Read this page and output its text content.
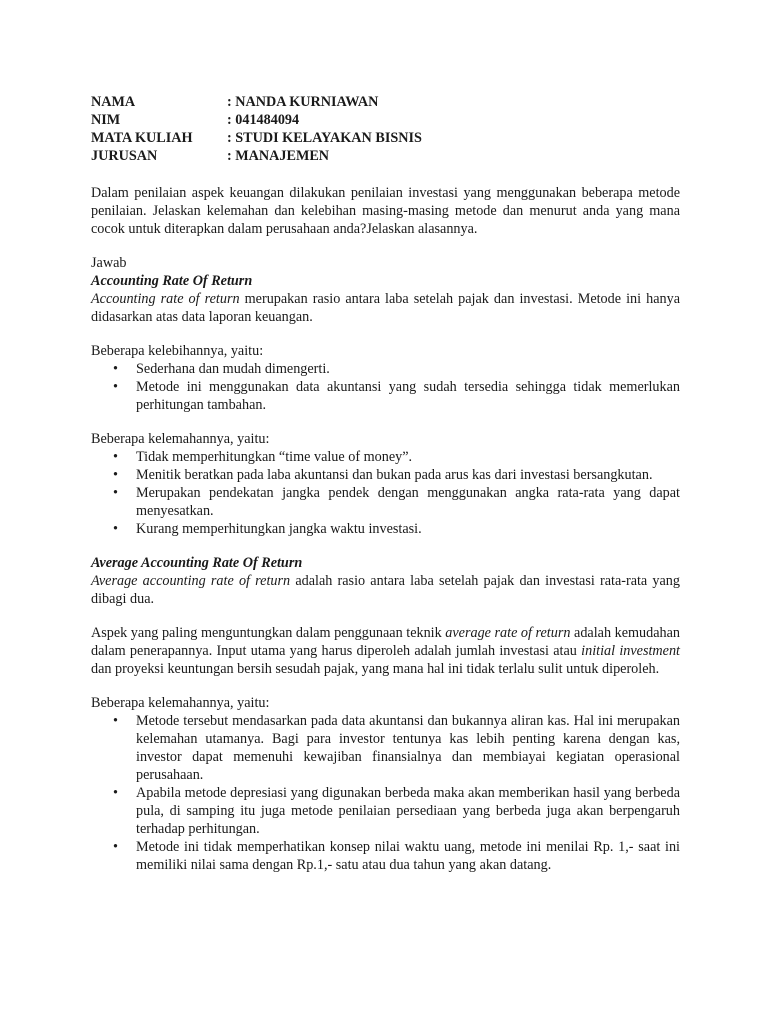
NAMA	: NANDA KURNIAWAN
NIM	: 041484094
MATA KULIAH	: STUDI KELAYAKAN BISNIS
JURUSAN	: MANAJEMEN

Dalam penilaian aspek keuangan dilakukan penilaian investasi yang menggunakan beberapa metode penilaian. Jelaskan kelemahan dan kelebihan masing-masing metode dan menurut anda yang mana cocok untuk diterapkan dalam perusahaan anda?Jelaskan alasannya.

Jawab

Accounting Rate Of Return

Accounting rate of return merupakan rasio antara laba setelah pajak dan investasi. Metode ini hanya didasarkan atas data laporan keuangan.

Beberapa kelebihannya, yaitu:

• Sederhana dan mudah dimengerti.
• Metode ini menggunakan data akuntansi yang sudah tersedia sehingga tidak memerlukan perhitungan tambahan.

Beberapa kelemahannya, yaitu:

• Tidak memperhitungkan “time value of money”.
• Menitik beratkan pada laba akuntansi dan bukan pada arus kas dari investasi bersangkutan.
• Merupakan pendekatan jangka pendek dengan menggunakan angka rata-rata yang dapat menyesatkan.
• Kurang memperhitungkan jangka waktu investasi.

Average Accounting Rate Of Return

Average accounting rate of return adalah rasio antara laba setelah pajak dan investasi rata-rata yang dibagi dua.

Aspek yang paling menguntungkan dalam penggunaan teknik average rate of return adalah kemudahan dalam penerapannya. Input utama yang harus diperoleh adalah jumlah investasi atau initial investment dan proyeksi keuntungan bersih sesudah pajak, yang mana hal ini tidak terlalu sulit untuk diperoleh.

Beberapa kelemahannya, yaitu:

• Metode tersebut mendasarkan pada data akuntansi dan bukannya aliran kas. Hal ini merupakan kelemahan utamanya. Bagi para investor tentunya kas lebih penting karena dengan kas, investor dapat memenuhi kewajiban finansialnya dan membiayai kegiatan operasional perusahaan.
• Apabila metode depresiasi yang digunakan berbeda maka akan memberikan hasil yang berbeda pula, di samping itu juga metode penilaian persediaan yang berbeda juga akan berpengaruh terhadap perhitungan.
• Metode ini tidak memperhatikan konsep nilai waktu uang, metode ini menilai Rp. 1,- saat ini memiliki nilai sama dengan Rp.1,- satu atau dua tahun yang akan datang.
